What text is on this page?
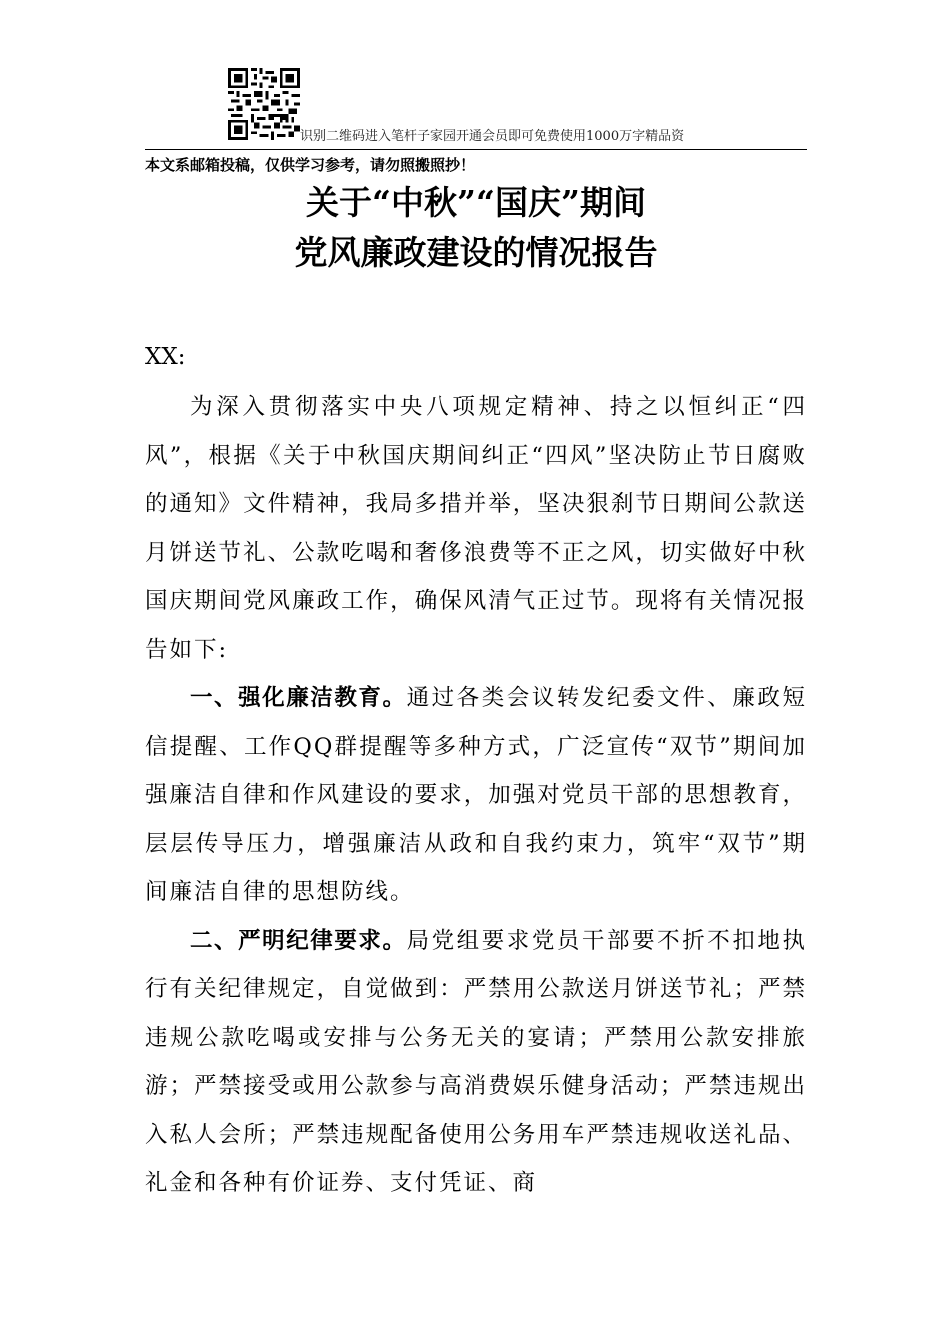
识别二维码进入笔杆子家园开通会员即可免费使用1000万字精品资
本文系邮箱投稿，仅供学习参考，请勿照搬照抄！
关于“中秋”“国庆”期间
党风廉政建设的情况报告
XX:

为深入贯彻落实中央八项规定精神、持之以恒纠正“四风”，根据《关于中秋国庆期间纠正“四风”坚决防止节日腐败的通知》文件精神，我局多措并举，坚决狠刹节日期间公款送月饼送节礼、公款吃喝和奢侈浪费等不正之风，切实做好中秋国庆期间党风廉政工作，确保风清气正过节。现将有关情况报告如下:

一、强化廉洁教育。通过各类会议转发纪委文件、廉政短信提醒、工作QQ群提醒等多种方式，广泛宣传“双节”期间加强廉洁自律和作风建设的要求，加强对党员干部的思想教育，层层传导压力，增强廉洁从政和自我约束力，筑牢“双节”期间廉洁自律的思想防线。

二、严明纪律要求。局党组要求党员干部要不折不扣地执行有关纪律规定，自觉做到：严禁用公款送月饼送节礼；严禁违规公款吃喝或安排与公务无关的宴请；严禁用公款安排旅游；严禁接受或用公款参与高消费娱乐健身活动；严禁违规出入私人会所；严禁违规配备使用公务用车严禁违规收送礼品、礼金和各种有价证券、支付凭证、商
